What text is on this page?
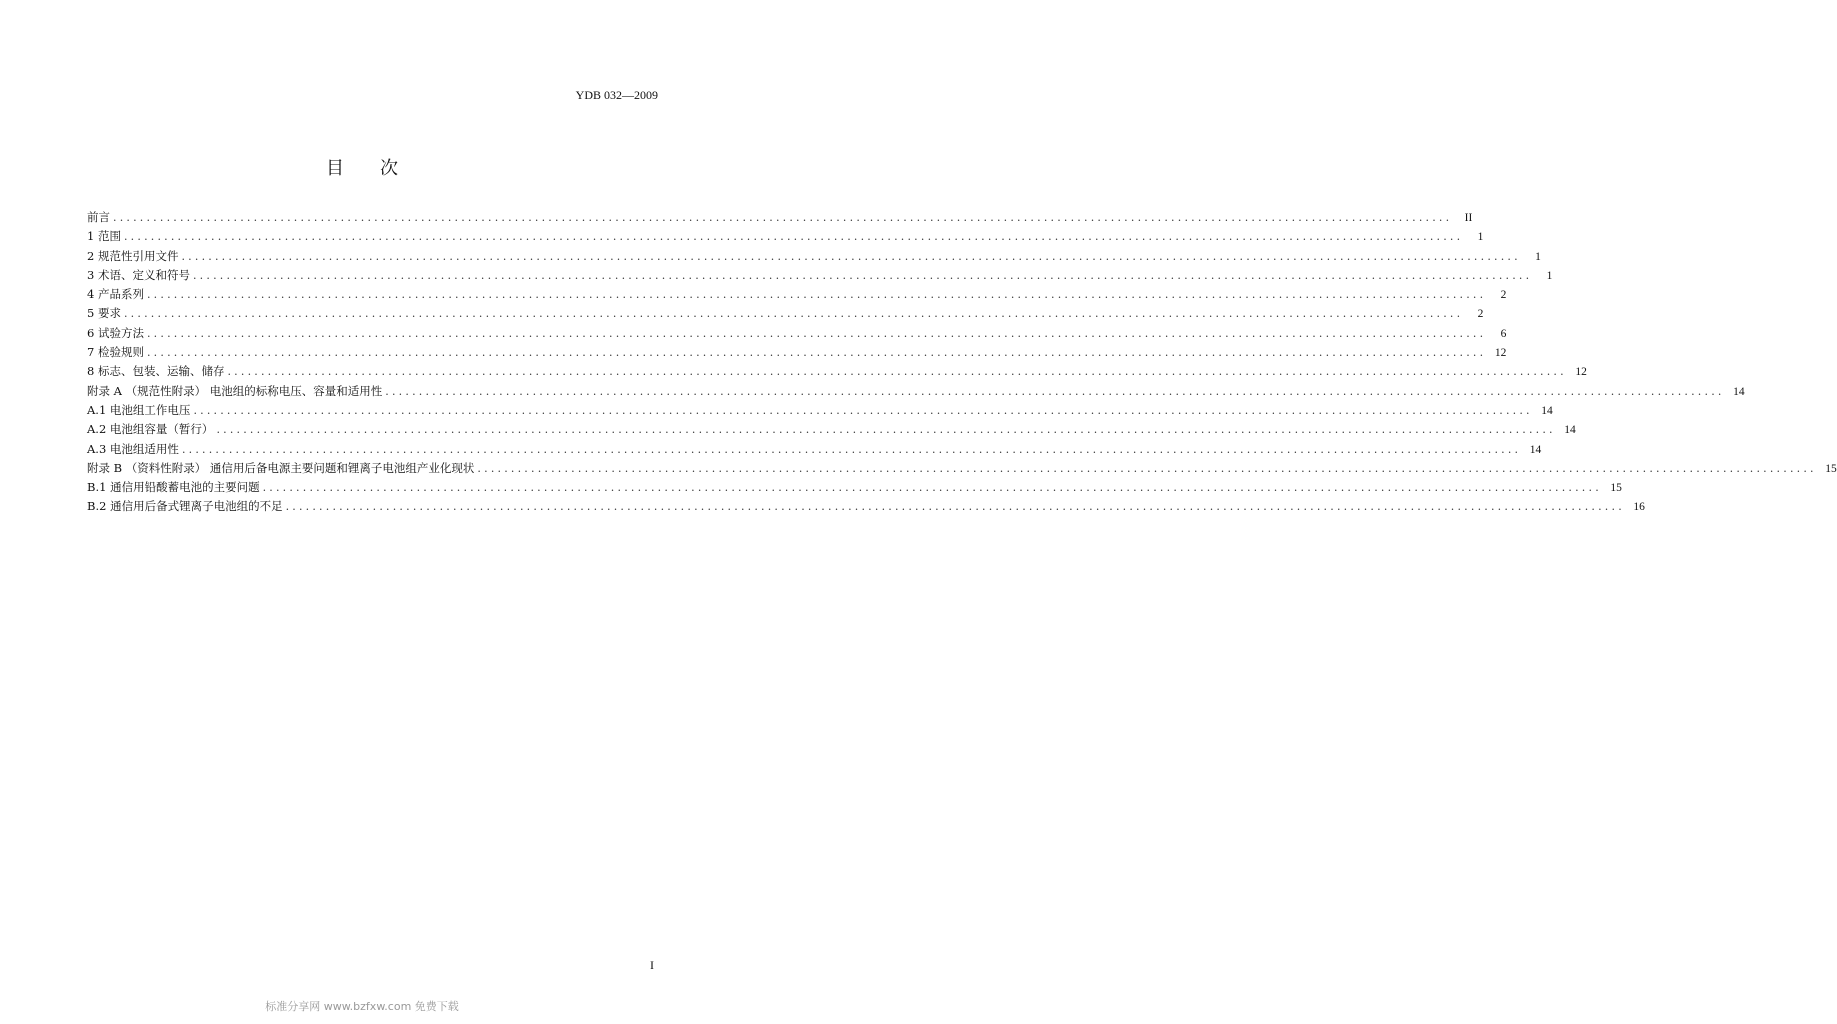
YDB 032—2009
目 次
前言 ........................................................................................................................................................................................................	II
1 范围 ........................................................................................................................................................................................................	1
2 规范性引用文件 ........................................................................................................................................................................................................	1
3 术语、定义和符号 ........................................................................................................................................................................................................	1
4 产品系列 ........................................................................................................................................................................................................	2
5 要求 ........................................................................................................................................................................................................	2
6 试验方法 ........................................................................................................................................................................................................	6
7 检验规则 ........................................................................................................................................................................................................ 12
8 标志、包装、运输、储存 ........................................................................................................................................................................................................ 12
附录 A （规范性附录） 电池组的标称电压、容量和适用性 ........................................................................................................................................................................................................ 14
A.1 电池组工作电压 ........................................................................................................................................................................................................ 14
A.2 电池组容量（暂行） ........................................................................................................................................................................................................ 14
A.3 电池组适用性 ........................................................................................................................................................................................................ 14
附录 B （资料性附录） 通信用后备电源主要问题和锂离子电池组产业化现状 ........................................................................................................................................................................................................ 15
B.1 通信用铅酸蓄电池的主要问题 ........................................................................................................................................................................................................ 15
B.2 通信用后备式锂离子电池组的不足 ........................................................................................................................................................................................................ 16
I
标准分享网 www.bzfxw.com 免费下载
